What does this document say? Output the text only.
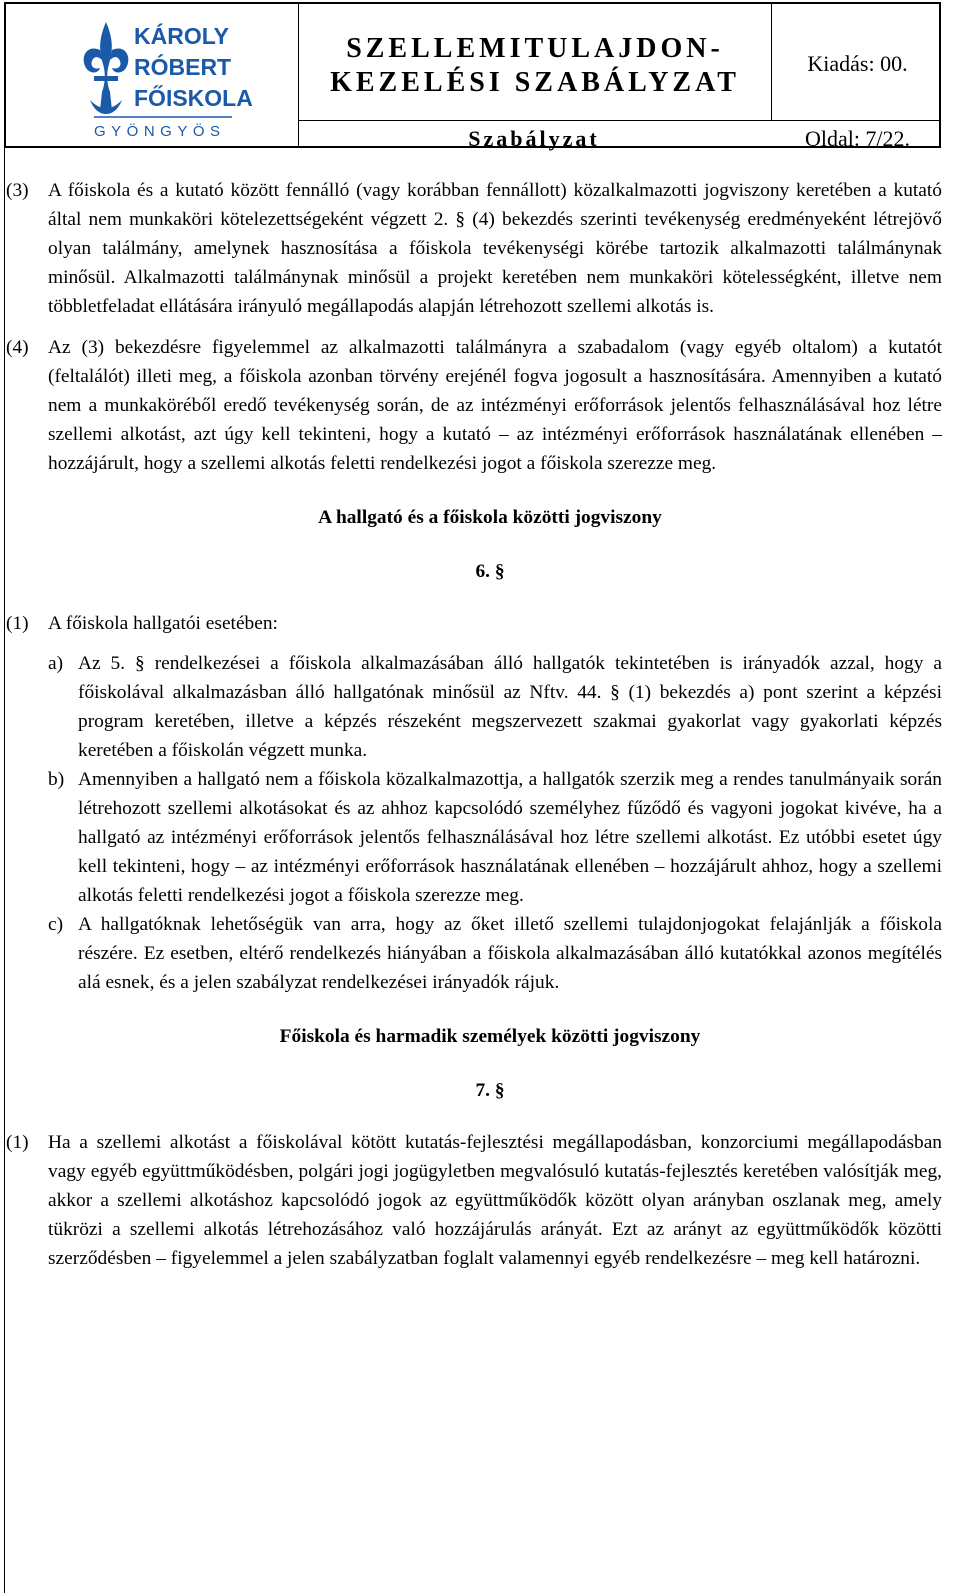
KÁROLY
RÓBERT
FŐISKOLA
GYÖNGYÖS
SZELLEMITULAJDON-
KEZELÉSI SZABÁLYZAT
Kiadás: 00.
Szabályzat	Oldal: 7/22.

(3) A főiskola és a kutató között fennálló (vagy korábban fennállott) közalkalmazotti jogviszony keretében a kutató által nem munkaköri kötelezettségeként végzett 2. § (4) bekezdés szerinti tevékenység eredményeként létrejövő olyan találmány, amelynek hasznosítása a főiskola tevékenységi körébe tartozik alkalmazotti találmánynak minősül. Alkalmazotti találmánynak minősül a projekt keretében nem munkaköri kötelességként, illetve nem többletfeladat ellátására irányuló megállapodás alapján létrehozott szellemi alkotás is.

(4) Az (3) bekezdésre figyelemmel az alkalmazotti találmányra a szabadalom (vagy egyéb oltalom) a kutatót (feltalálót) illeti meg, a főiskola azonban törvény erejénél fogva jogosult a hasznosítására. Amennyiben a kutató nem a munkaköréből eredő tevékenység során, de az intézményi erőforrások jelentős felhasználásával hoz létre szellemi alkotást, azt úgy kell tekinteni, hogy a kutató – az intézményi erőforrások használatának ellenében – hozzájárult, hogy a szellemi alkotás feletti rendelkezési jogot a főiskola szerezze meg.

A hallgató és a főiskola közötti jogviszony

6. §

(1) A főiskola hallgatói esetében:

a) Az 5. § rendelkezései a főiskola alkalmazásában álló hallgatók tekintetében is irányadók azzal, hogy a főiskolával alkalmazásban álló hallgatónak minősül az Nftv. 44. § (1) bekezdés a) pont szerint a képzési program keretében, illetve a képzés részeként megszervezett szakmai gyakorlat vagy gyakorlati képzés keretében a főiskolán végzett munka.

b) Amennyiben a hallgató nem a főiskola közalkalmazottja, a hallgatók szerzik meg a rendes tanulmányaik során létrehozott szellemi alkotásokat és az ahhoz kapcsolódó személyhez fűződő és vagyoni jogokat kivéve, ha a hallgató az intézményi erőforrások jelentős felhasználásával hoz létre szellemi alkotást. Ez utóbbi esetet úgy kell tekinteni, hogy – az intézményi erőforrások használatának ellenében – hozzájárult ahhoz, hogy a szellemi alkotás feletti rendelkezési jogot a főiskola szerezze meg.

c) A hallgatóknak lehetőségük van arra, hogy az őket illető szellemi tulajdonjogokat felajánlják a főiskola részére. Ez esetben, eltérő rendelkezés hiányában a főiskola alkalmazásában álló kutatókkal azonos megítélés alá esnek, és a jelen szabályzat rendelkezései irányadók rájuk.

Főiskola és harmadik személyek közötti jogviszony

7. §

(1) Ha a szellemi alkotást a főiskolával kötött kutatás-fejlesztési megállapodásban, konzorciumi megállapodásban vagy egyéb együttműködésben, polgári jogi jogügyletben megvalósuló kutatás-fejlesztés keretében valósítják meg, akkor a szellemi alkotáshoz kapcsolódó jogok az együttműködők között olyan arányban oszlanak meg, amely tükrözi a szellemi alkotás létrehozásához való hozzájárulás arányát. Ezt az arányt az együttműködők közötti szerződésben – figyelemmel a jelen szabályzatban foglalt valamennyi egyéb rendelkezésre – meg kell határozni.
